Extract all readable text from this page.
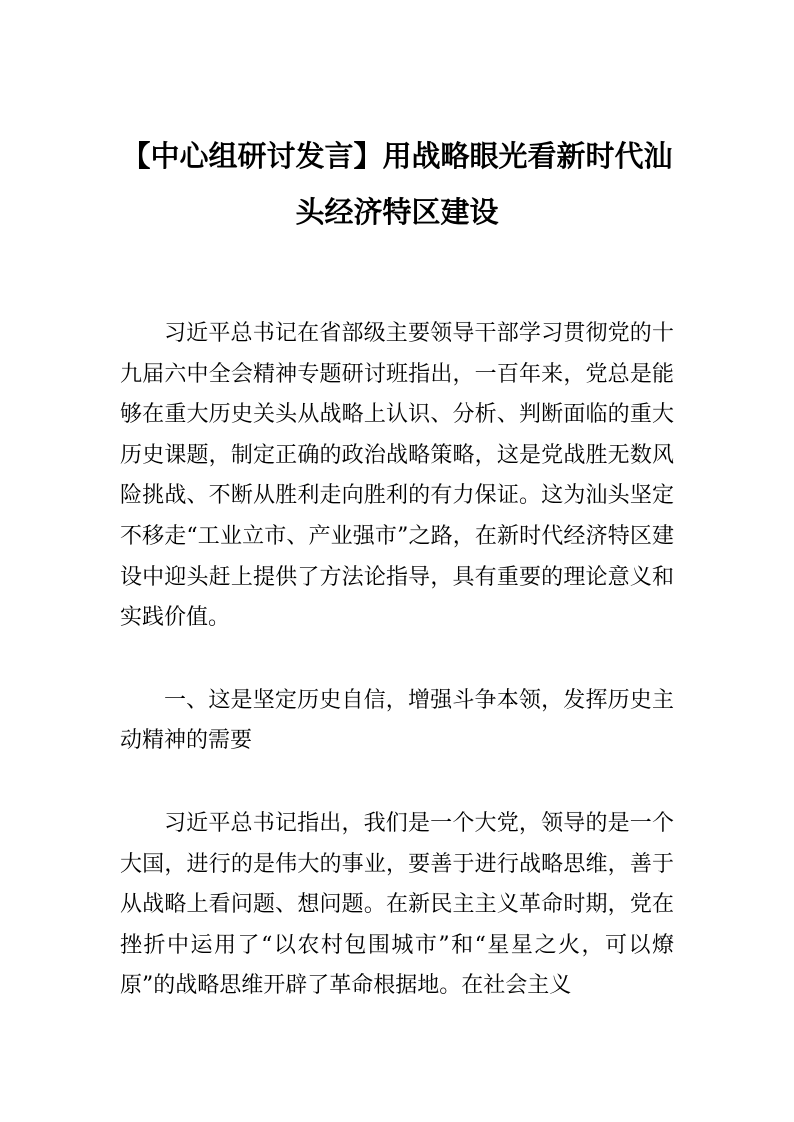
【中心组研讨发言】用战略眼光看新时代汕
头经济特区建设

习近平总书记在省部级主要领导干部学习贯彻党的十九届六中全会精神专题研讨班指出，一百年来，党总是能够在重大历史关头从战略上认识、分析、判断面临的重大历史课题，制定正确的政治战略策略，这是党战胜无数风险挑战、不断从胜利走向胜利的有力保证。这为汕头坚定不移走“工业立市、产业强市”之路，在新时代经济特区建设中迎头赶上提供了方法论指导，具有重要的理论意义和实践价值。

一、这是坚定历史自信，增强斗争本领，发挥历史主动精神的需要

习近平总书记指出，我们是一个大党，领导的是一个大国，进行的是伟大的事业，要善于进行战略思维，善于从战略上看问题、想问题。在新民主主义革命时期，党在挫折中运用了“以农村包围城市”和“星星之火，可以燎原”的战略思维开辟了革命根据地。在社会主义
